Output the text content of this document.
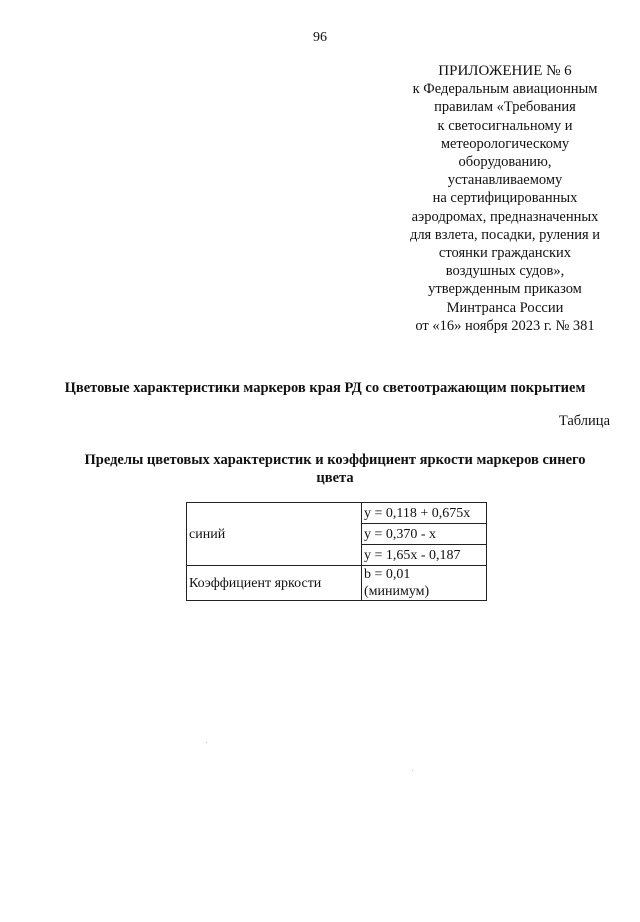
96
ПРИЛОЖЕНИЕ № 6
к Федеральным авиационным
правилам «Требования
к светосигнальному и
метеорологическому
оборудованию,
устанавливаемому
на сертифицированных
аэродромах, предназначенных
для взлета, посадки, руления и
стоянки гражданских
воздушных судов»,
утвержденным приказом
Минтранса России
от «16» ноября 2023 г. № 381
Цветовые характеристики маркеров края РД со светоотражающим покрытием
Таблица
Пределы цветовых характеристик и коэффициент яркости маркеров синего
цвета
синий	y = 0,118 + 0,675x
	y = 0,370 - x
	y = 1,65x - 0,187
Коэффициент яркости	b = 0,01
(минимум)
